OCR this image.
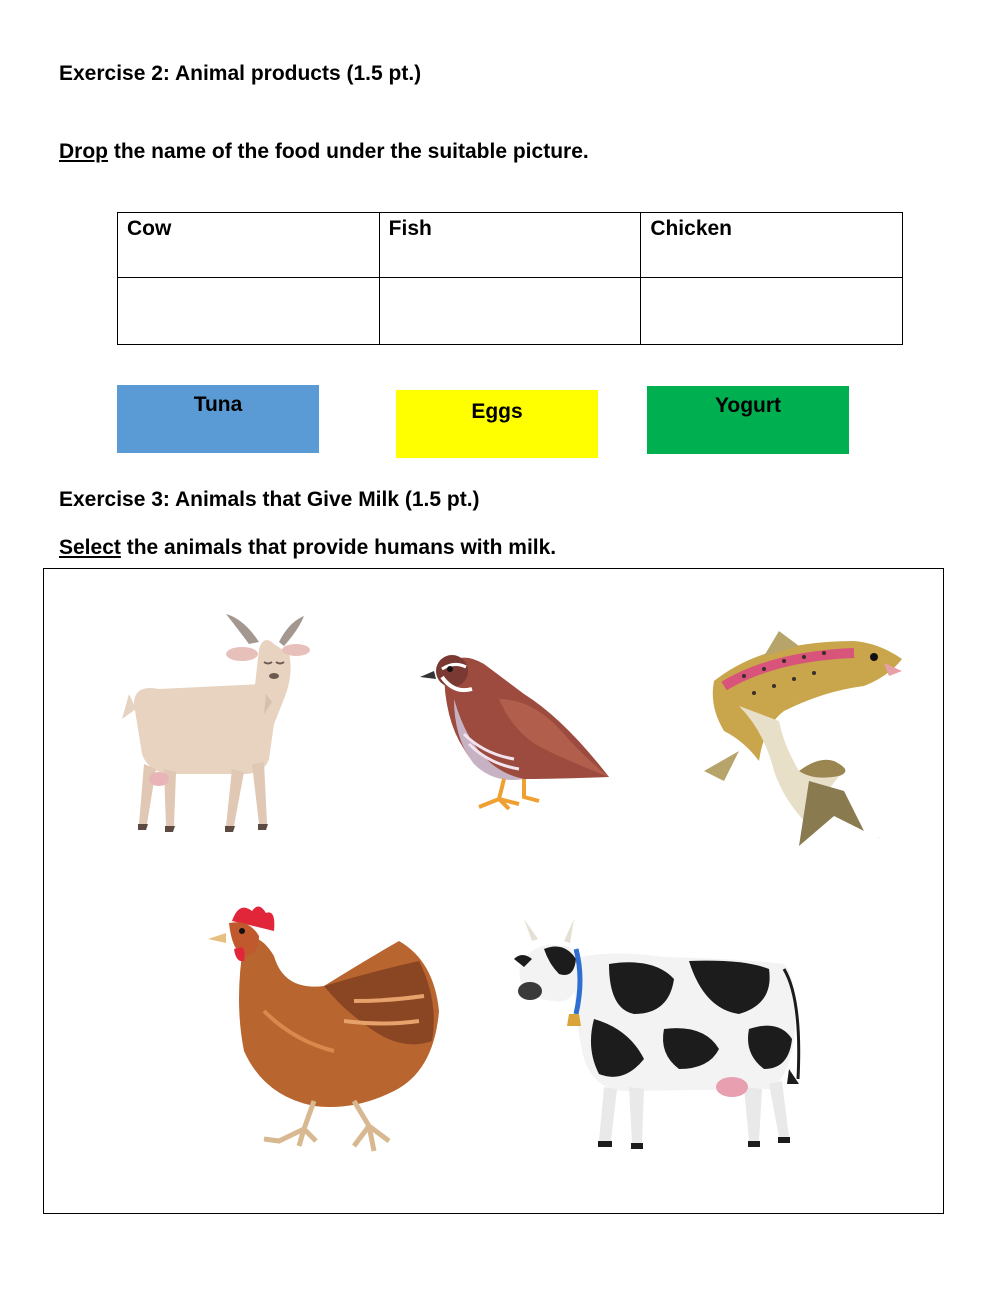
Exercise 2: Animal products (1.5 pt.)
Drop the name of the food under the suitable picture.
Cow	Fish	Chicken

Tuna	Eggs	Yogurt
Exercise 3: Animals that Give Milk (1.5 pt.)
Select the animals that provide humans with milk.
·
